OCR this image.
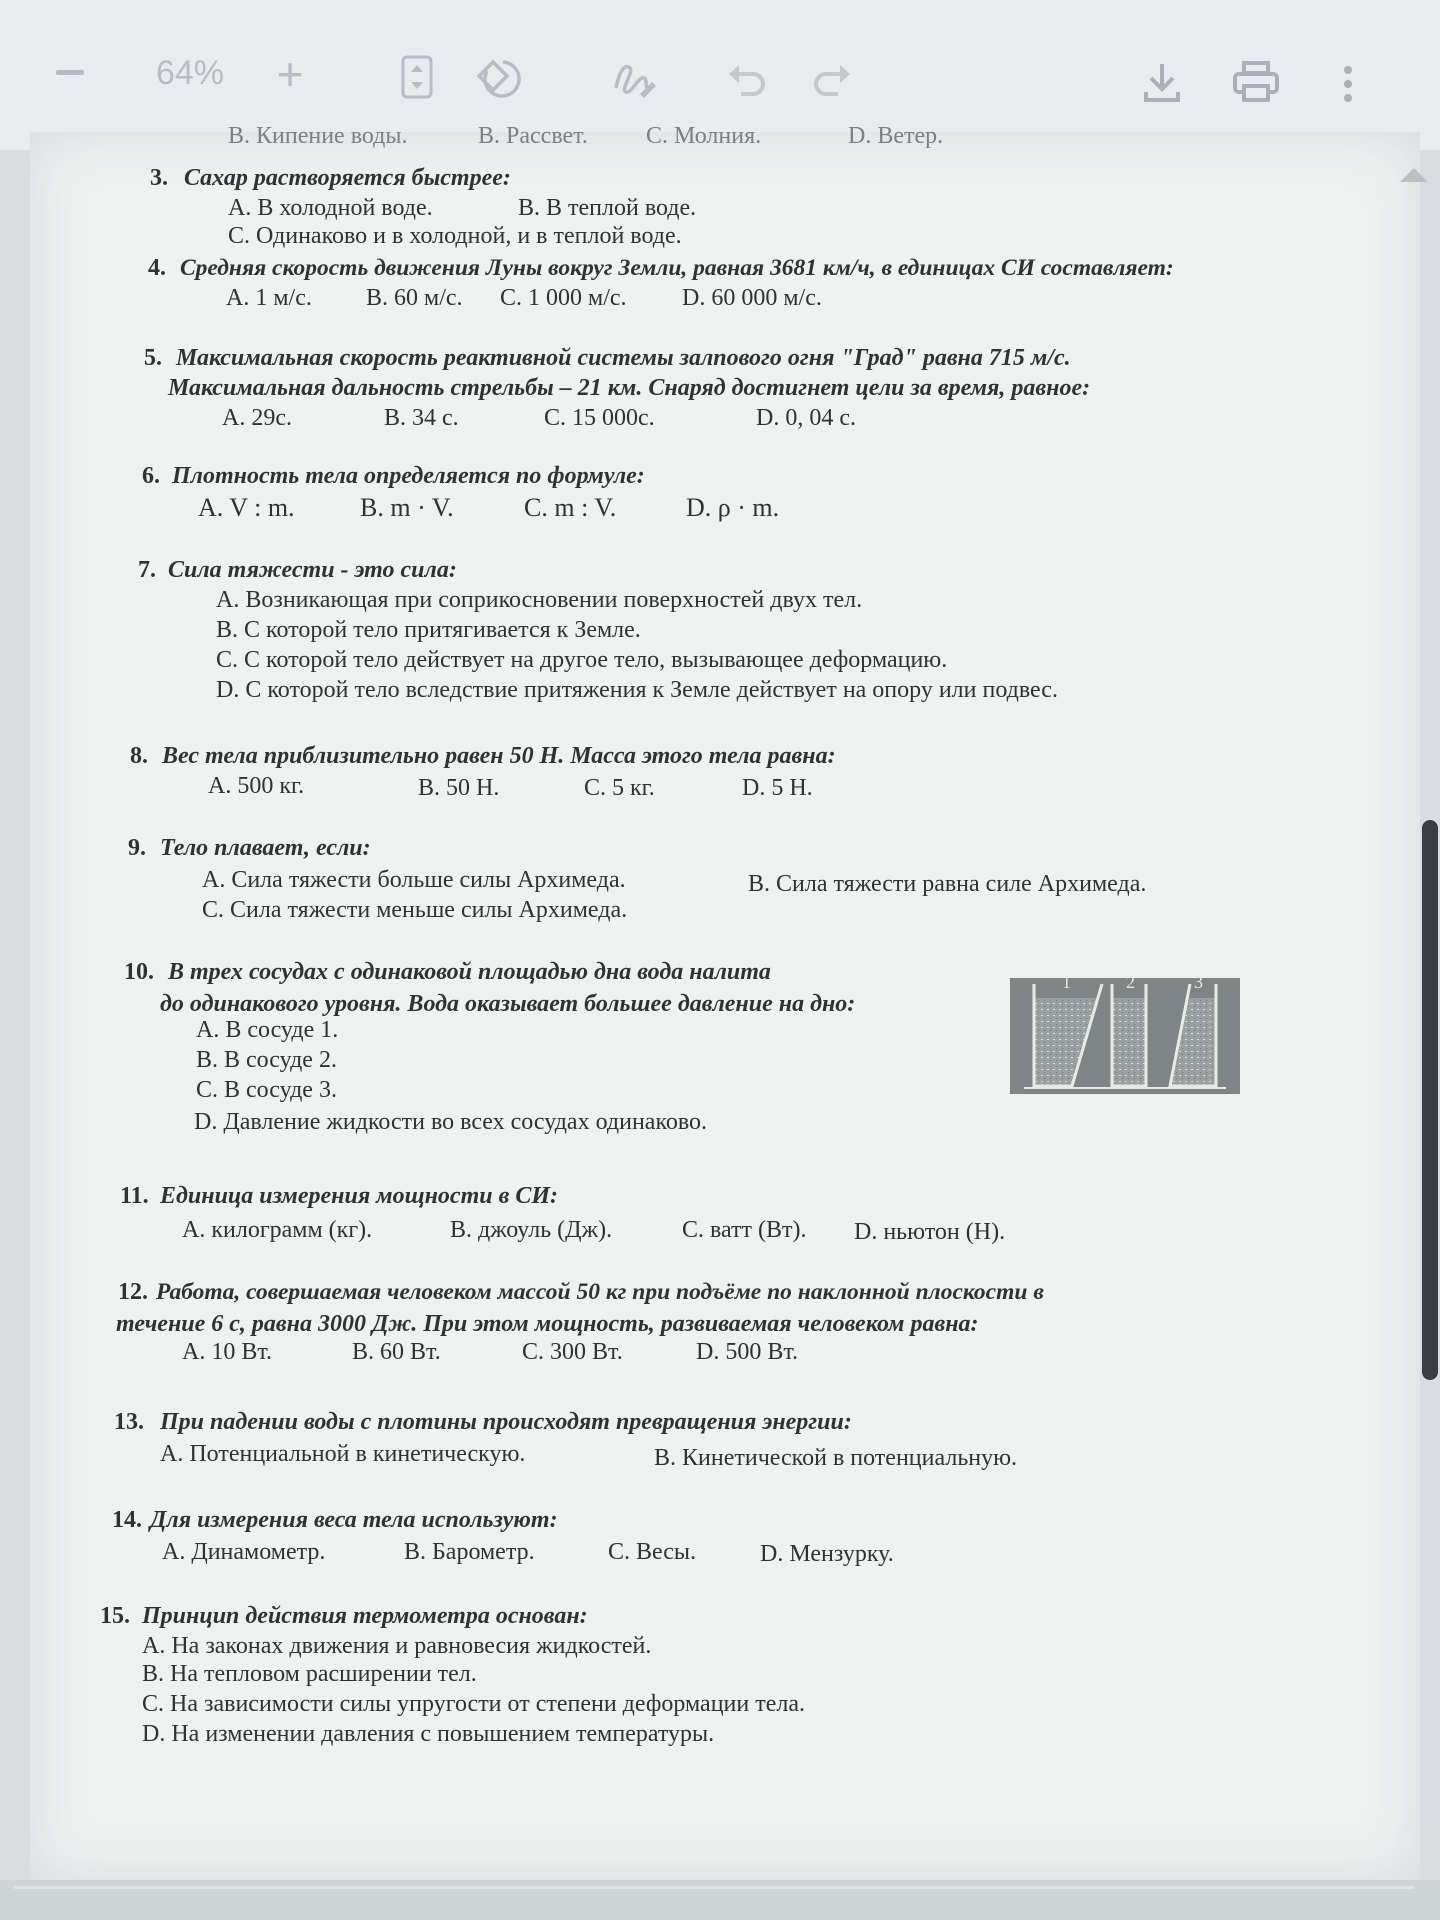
64%	+
B. Кипение воды.	B. Рассвет. C. Молния.	D. Ветер.
3. Сахар растворяется быстрее:
A. В холодной воде.	B. В теплой воде.
C. Одинаково и в холодной, и в теплой воде.
4. Средняя скорость движения Луны вокруг Земли, равная 3681 км/ч, в единицах СИ составляет:
A. 1 м/с. B. 60 м/с. C. 1 000 м/с. D. 60 000 м/с.
5. Максимальная скорость реактивной системы залпового огня "Град" равна 715 м/с.
Максимальная дальность стрельбы – 21 км. Снаряд достигнет цели за время, равное:
A. 29с.	B. 34 с.	C. 15 000с.	D. 0, 04 с.
6. Плотность тела определяется по формуле:
A. V : m.	B. m · V.	C. m : V.	D. ρ · m.
7. Сила тяжести - это сила:
A. Возникающая при соприкосновении поверхностей двух тел.
B. С которой тело притягивается к Земле.
C. С которой тело действует на другое тело, вызывающее деформацию.
D. С которой тело вследствие притяжения к Земле действует на опору или подвес.
8. Вес тела приблизительно равен 50 Н. Масса этого тела равна:
A. 500 кг.	B. 50 Н.	C. 5 кг.	D. 5 Н.
9. Тело плавает, если:
A. Сила тяжести больше силы Архимеда.	B. Сила тяжести равна силе Архимеда.
C. Сила тяжести меньше силы Архимеда.
10. В трех сосудах с одинаковой площадью дна вода налита
до одинакового уровня. Вода оказывает большее давление на дно:
A. В сосуде 1.
B. В сосуде 2.
C. В сосуде 3.
D. Давление жидкости во всех сосудах одинаково.
1	2	3
11. Единица измерения мощности в СИ:
A. килограмм (кг).	B. джоуль (Дж).	C. ватт (Вт). D. ньютон (Н).
12. Работа, совершаемая человеком массой 50 кг при подъёме по наклонной плоскости в
течение 6 с, равна 3000 Дж. При этом мощность, развиваемая человеком равна:
A. 10 Вт.	B. 60 Вт.	C. 300 Вт.	D. 500 Вт.
13. При падении воды с плотины происходят превращения энергии:
A. Потенциальной в кинетическую.	B. Кинетической в потенциальную.
14. Для измерения веса тела используют:
A. Динамометр.	B. Барометр.	C. Весы.	D. Мензурку.
15. Принцип действия термометра основан:
A. На законах движения и равновесия жидкостей.
B. На тепловом расширении тел.
C. На зависимости силы упругости от степени деформации тела.
D. На изменении давления с повышением температуры.
